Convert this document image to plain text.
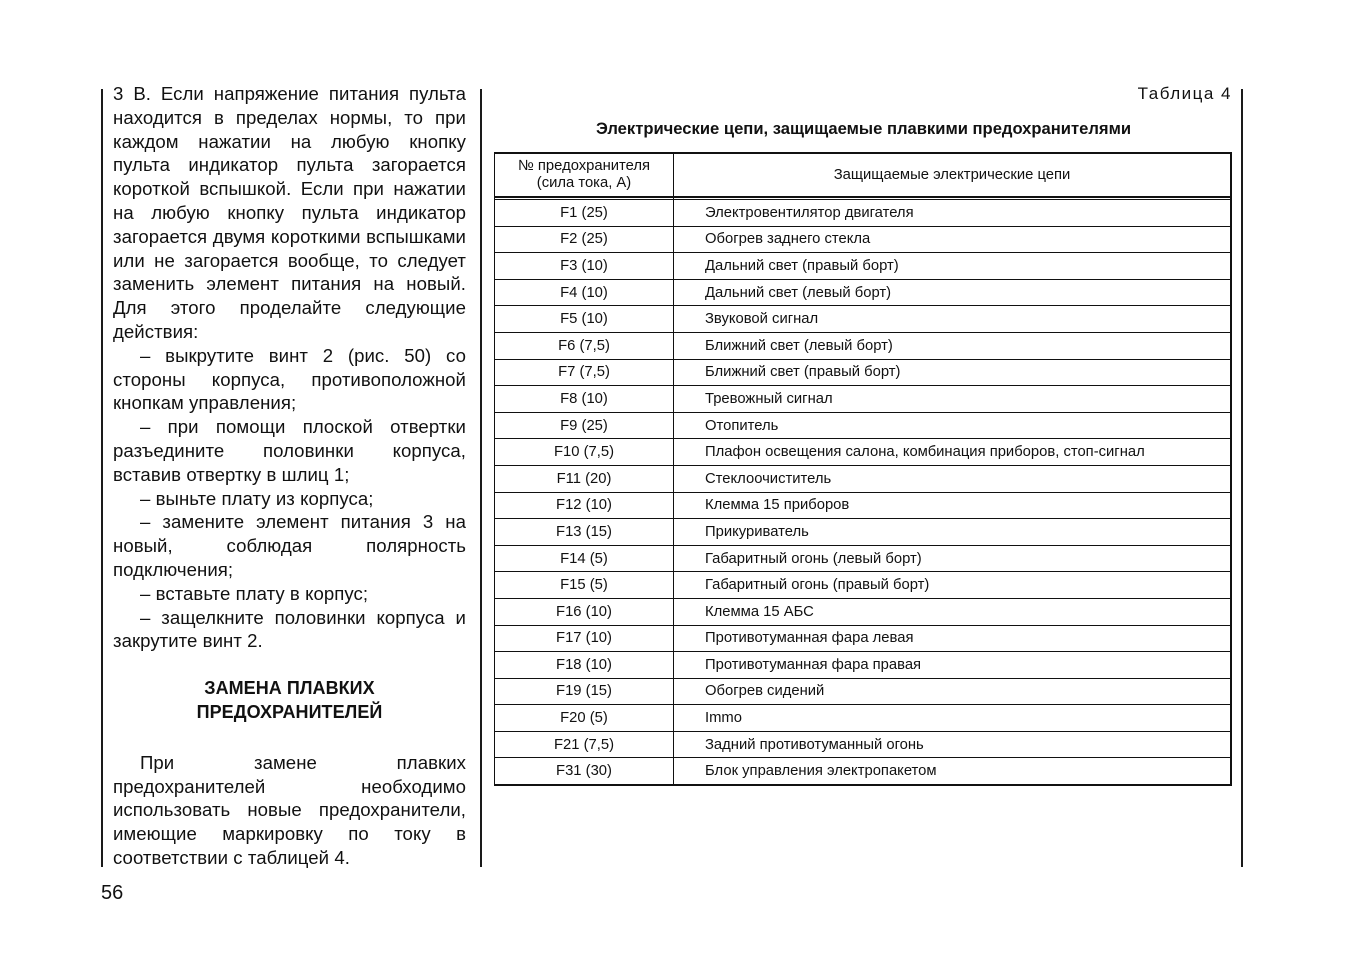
3 В. Если напряжение питания пульта находится в пределах нормы, то при каждом нажатии на любую кнопку пульта индикатор пульта загорается короткой вспышкой. Если при нажатии на любую кнопку пульта индикатор загорается двумя короткими вспышками или не загорается вообще, то следует заменить элемент питания на новый. Для этого проделайте следующие действия:

– выкрутите винт 2 (рис. 50) со стороны корпуса, противоположной кнопкам управления;

– при помощи плоской отвертки разъедините половинки корпуса, вставив отвертку в шлиц 1;

– выньте плату из корпуса;

– замените элемент питания 3 на новый, соблюдая полярность подключения;

– вставьте плату в корпус;

– защелкните половинки корпуса и закрутите винт 2.

ЗАМЕНА ПЛАВКИХ
ПРЕДОХРАНИТЕЛЕЙ

При замене плавких предохранителей необходимо использовать новые предохранители, имеющие маркировку по току в соответствии с таблицей 4.

56
Таблица 4
Электрические цепи, защищаемые плавкими предохранителями
№ предохранителя
(сила тока, А)	Защищаемые электрические цепи

F1 (25)	Электровентилятор двигателя
F2 (25)	Обогрев заднего стекла
F3 (10)	Дальний свет (правый борт)
F4 (10)	Дальний свет (левый борт)
F5 (10)	Звуковой сигнал
F6 (7,5)	Ближний свет (левый борт)
F7 (7,5)	Ближний свет (правый борт)
F8 (10)	Тревожный сигнал
F9 (25)	Отопитель
F10 (7,5)	Плафон освещения салона, комбинация приборов, стоп-сигнал
F11 (20)	Стеклоочиститель
F12 (10)	Клемма 15 приборов
F13 (15)	Прикуриватель
F14 (5)	Габаритный огонь (левый борт)
F15 (5)	Габаритный огонь (правый борт)
F16 (10)	Клемма 15 АБС
F17 (10)	Противотуманная фара левая
F18 (10)	Противотуманная фара правая
F19 (15)	Обогрев сидений
F20 (5)	Immo
F21 (7,5)	Задний противотуманный огонь
F31 (30)	Блок управления электропакетом
